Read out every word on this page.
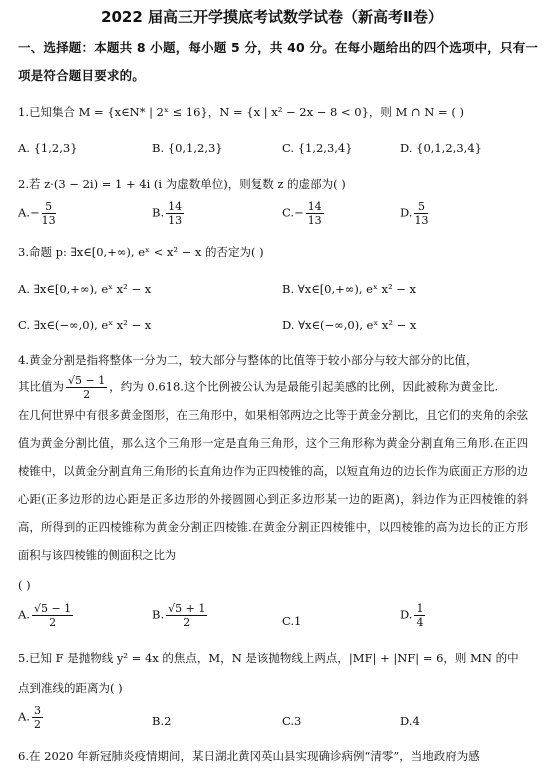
2022 届高三开学摸底考试数学试卷（新高考Ⅱ卷）
一、选择题：本题共 8 小题，每小题 5 分，共 40 分。在每小题给出的四个选项中，只有一
项是符合题目要求的。
1.已知集合 M = {x∈N* | 2ˣ ≤ 16}，N = {x | x² − 2x − 8 < 0}，则 M ∩ N = ( )
A. {1,2,3}	B. {0,1,2,3}	C. {1,2,3,4}	D. {0,1,2,3,4}
2.若 z·(3 − 2i) = 1 + 4i (i 为虚数单位)，则复数 z 的虚部为( )
$A.- \frac{5}{13}$	B. $\frac{14}{13}$	$C.- \frac{14}{13}$	D. $\frac{5}{13}$
3.命题 p: ∃x∈[0,+∞), eˣ < x² − x 的否定为( )
A. ∃x∈[0,+∞), eˣ x² − x	B. ∀x∈[0,+∞), eˣ x² − x
C. ∃x∈(−∞,0), eˣ x² − x	D. ∀x∈(−∞,0), eˣ x² − x
4.黄金分割是指将整体一分为二，较大部分与整体的比值等于较小部分与较大部分的比值，
其比值为 $\frac{√5 - 1}{2}$ ，约为 0.618.这个比例被公认为是最能引起美感的比例，因此被称为黄金比.
在几何世界中有很多黄金图形，在三角形中，如果相邻两边之比等于黄金分割比，且它们的夹角的余弦值为黄金分割比值，那么这个三角形一定是直角三角形，这个三角形称为黄金分割直角三角形.在正四棱锥中，以黄金分割直角三角形的长直角边作为正四棱锥的高，以短直角边的边长作为底面正方形的边心距(正多边形的边心距是正多边形的外接圆圆心到正多边形某一边的距离)，斜边作为正四棱锥的斜高，所得到的正四棱锥称为黄金分割正四棱锥.在黄金分割正四棱锥中，以四棱锥的高为边长的正方形面积与该四棱锥的侧面积之比为
( )
A. $\frac{√5 - 1}{2}$	B. $\frac{√5 + 1}{2}$	C.1	D. $\frac{1}{4}$
5.已知 F 是抛物线 y² = 4x 的焦点，M，N 是该抛物线上两点，|MF| + |NF| = 6，则 MN 的中
点到准线的距离为( )
A. $\frac{3}{2}$	B.2	C.3	D.4
6.在 2020 年新冠肺炎疫情期间，某日湖北黄冈英山县实现确诊病例“清零”，当地政府为感
